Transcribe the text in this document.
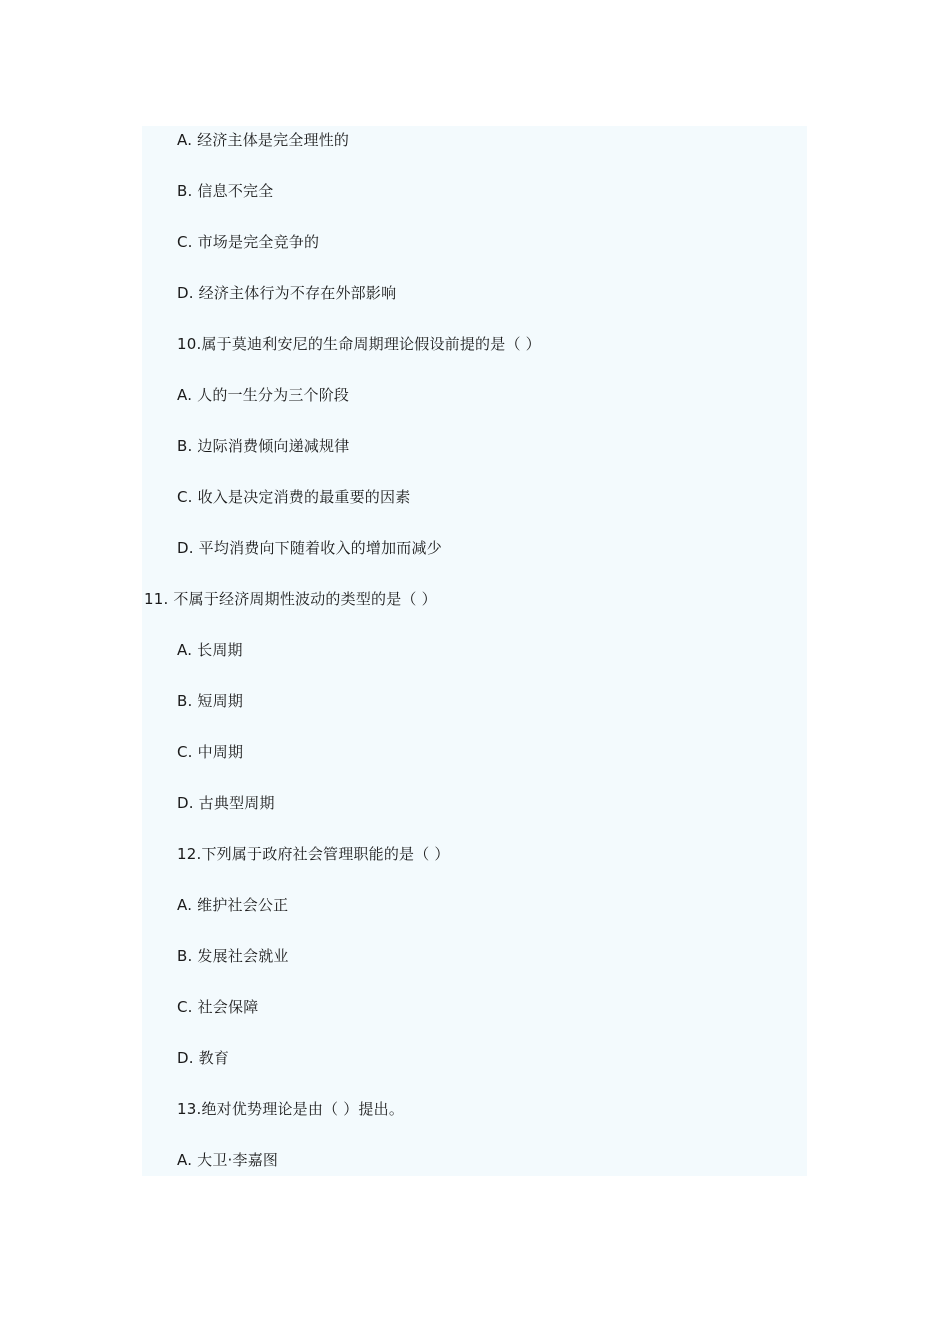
A. 经济主体是完全理性的
B. 信息不完全
C. 市场是完全竞争的
D. 经济主体行为不存在外部影响
10.属于莫迪利安尼的生命周期理论假设前提的是（ ）
A. 人的一生分为三个阶段
B. 边际消费倾向递减规律
C. 收入是决定消费的最重要的因素
D. 平均消费向下随着收入的增加而减少
11. 不属于经济周期性波动的类型的是（ ）
A. 长周期
B. 短周期
C. 中周期
D. 古典型周期
12.下列属于政府社会管理职能的是（ ）
A. 维护社会公正
B. 发展社会就业
C. 社会保障
D. 教育
13.绝对优势理论是由（ ）提出。
A. 大卫·李嘉图
